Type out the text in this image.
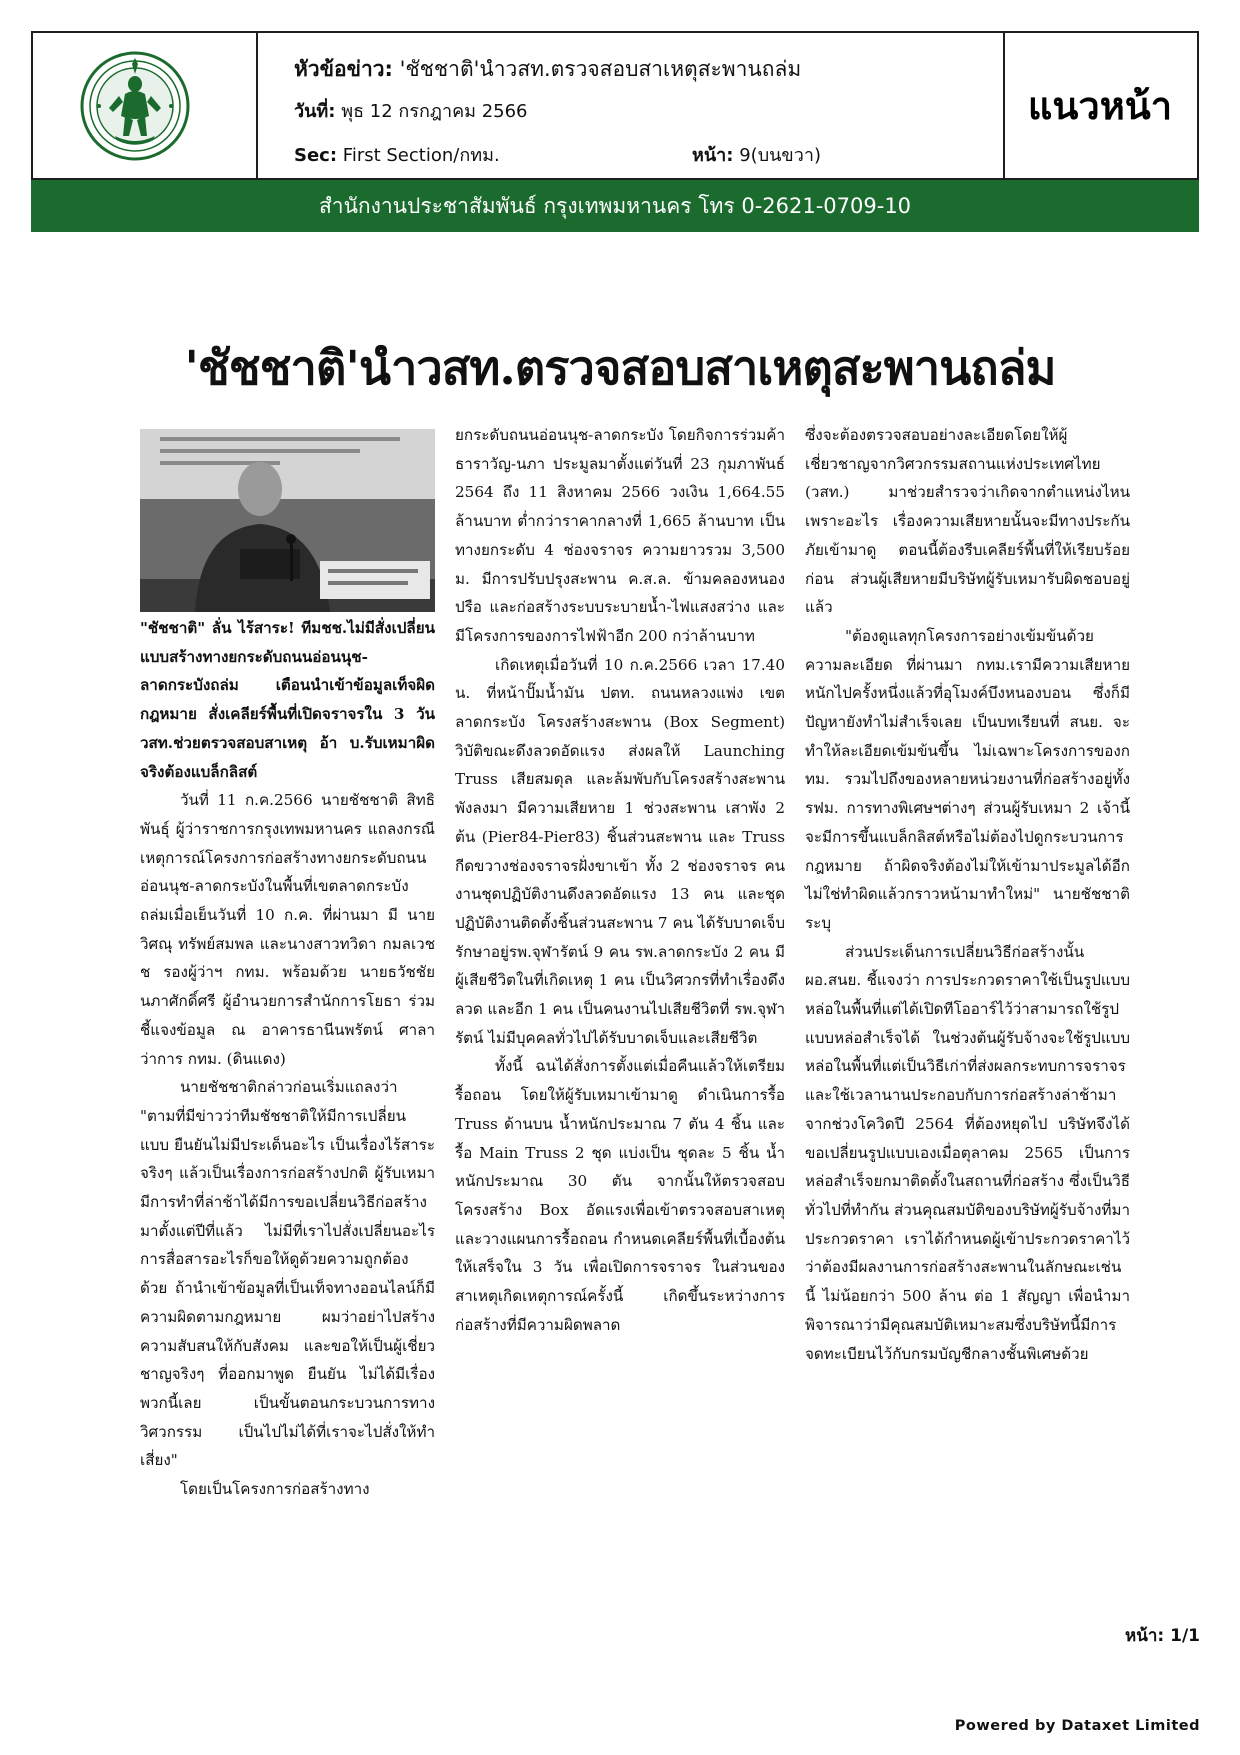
หัวข้อข่าว: 'ชัชชาติ'นำวสท.ตรวจสอบสาเหตุสะพานถล่ม
วันที่: พุธ 12 กรกฎาคม 2566
Sec: First Section/กทม.	หน้า: 9(บนขวา)
แนวหน้า
สำนักงานประชาสัมพันธ์ กรุงเทพมหานคร โทร 0-2621-0709-10
'ชัชชาติ'นำวสท.ตรวจสอบสาเหตุสะพานถล่ม

"ชัชชาติ" ลั่น ไร้สาระ! ทีมชช.ไม่มีสั่งเปลี่ยนแบบสร้างทางยกระดับถนนอ่อนนุช-ลาดกระบังถล่ม เตือนนำเข้าข้อมูลเท็จผิดกฎหมาย สั่งเคลียร์พื้นที่เปิดจราจรใน 3 วัน วสท.ช่วยตรวจสอบสาเหตุ อ้า บ.รับเหมาผิดจริงต้องแบล็กลิสต์

วันที่ 11 ก.ค.2566 นายชัชชาติ สิทธิพันธุ์ ผู้ว่าราชการกรุงเทพมหานคร แถลงกรณีเหตุการณ์โครงการก่อสร้างทางยกระดับถนนอ่อนนุช-ลาดกระบังในพื้นที่เขตลาดกระบังถล่มเมื่อเย็นวันที่ 10 ก.ค. ที่ผ่านมา มี นายวิศณุ ทรัพย์สมพล และนางสาวทวิดา กมลเวชช รองผู้ว่าฯ กทม. พร้อมด้วย นายธวัชชัย นภาศักดิ์ศรี ผู้อำนวยการสำนักการโยธา ร่วมชี้แจงข้อมูล ณ อาคารธานีนพรัตน์ ศาลาว่าการ กทม. (ดินแดง)

นายชัชชาติกล่าวก่อนเริ่มแถลงว่า "ตามที่มีข่าวว่าทีมชัชชาติให้มีการเปลี่ยนแบบ ยืนยันไม่มีประเด็นอะไร เป็นเรื่องไร้สาระ จริงๆ แล้วเป็นเรื่องการก่อสร้างปกติ ผู้รับเหมามีการทำที่ล่าช้าได้มีการขอเปลี่ยนวิธีก่อสร้างมาตั้งแต่ปีที่แล้ว ไม่มีที่เราไปสั่งเปลี่ยนอะไร การสื่อสารอะไรก็ขอให้ดูด้วยความถูกต้องด้วย ถ้านำเข้าข้อมูลที่เป็นเท็จทางออนไลน์ก็มีความผิดตามกฎหมาย ผมว่าอย่าไปสร้างความสับสนให้กับสังคม และขอให้เป็นผู้เชี่ยวชาญจริงๆ ที่ออกมาพูด ยืนยัน ไม่ได้มีเรื่องพวกนี้เลย เป็นขั้นตอนกระบวนการทางวิศวกรรม เป็นไปไม่ได้ที่เราจะไปสั่งให้ทำเสี่ยง"

โดยเป็นโครงการก่อสร้างทาง

ยกระดับถนนอ่อนนุช-ลาดกระบัง โดยกิจการร่วมค้า ธาราวัญ-นภา ประมูลมาตั้งแต่วันที่ 23 กุมภาพันธ์ 2564 ถึง 11 สิงหาคม 2566 วงเงิน 1,664.55 ล้านบาท ต่ำกว่าราคากลางที่ 1,665 ล้านบาท เป็นทางยกระดับ 4 ช่องจราจร ความยาวรวม 3,500 ม. มีการปรับปรุงสะพาน ค.ส.ล. ข้ามคลองหนองปรือ และก่อสร้างระบบระบายน้ำ-ไฟแสงสว่าง และมีโครงการของการไฟฟ้าอีก 200 กว่าล้านบาท

เกิดเหตุเมื่อวันที่ 10 ก.ค.2566 เวลา 17.40 น. ที่หน้าปั๊มน้ำมัน ปตท. ถนนหลวงแพ่ง เขตลาดกระบัง โครงสร้างสะพาน (Box Segment) วิบัติขณะดึงลวดอัดแรง ส่งผลให้ Launching Truss เสียสมดุล และล้มพับกับโครงสร้างสะพานพังลงมา มีความเสียหาย 1 ช่วงสะพาน เสาพัง 2 ต้น (Pier84-Pier83) ชิ้นส่วนสะพาน และ Truss กีดขวางช่องจราจรฝั่งขาเข้า ทั้ง 2 ช่องจราจร คนงานชุดปฏิบัติงานดึงลวดอัดแรง 13 คน และชุดปฏิบัติงานติดตั้งชิ้นส่วนสะพาน 7 คน ได้รับบาดเจ็บ รักษาอยู่รพ.จุฬารัตน์ 9 คน รพ.ลาดกระบัง 2 คน มีผู้เสียชีวิตในที่เกิดเหตุ 1 คน เป็นวิศวกรที่ทำเรื่องดึงลวด และอีก 1 คน เป็นคนงานไปเสียชีวิตที่ รพ.จุฬารัตน์ ไม่มีบุคคลทั่วไปได้รับบาดเจ็บและเสียชีวิต

ทั้งนี้ ฉนได้สั่งการตั้งแต่เมื่อคืนแล้วให้เตรียมรื้อถอน โดยให้ผู้รับเหมาเข้ามาดู ดำเนินการรื้อ Truss ด้านบน น้ำหนักประมาณ 7 ตัน 4 ชิ้น และรื้อ Main Truss 2 ชุด แบ่งเป็น ชุดละ 5 ชิ้น น้ำหนักประมาณ 30 ตัน จากนั้นให้ตรวจสอบโครงสร้าง Box อัดแรงเพื่อเข้าตรวจสอบสาเหตุและวางแผนการรื้อถอน กำหนดเคลียร์พื้นที่เบื้องต้นให้เสร็จใน 3 วัน เพื่อเปิดการจราจร ในส่วนของสาเหตุเกิดเหตุการณ์ครั้งนี้ เกิดขึ้นระหว่างการก่อสร้างที่มีความผิดพลาด

ซึ่งจะต้องตรวจสอบอย่างละเอียดโดยให้ผู้เชี่ยวชาญจากวิศวกรรมสถานแห่งประเทศไทย (วสท.) มาช่วยสำรวจว่าเกิดจากตำแหน่งไหนเพราะอะไร เรื่องความเสียหายนั้นจะมีทางประกันภัยเข้ามาดู ตอนนี้ต้องรีบเคลียร์พื้นที่ให้เรียบร้อยก่อน ส่วนผู้เสียหายมีบริษัทผู้รับเหมารับผิดชอบอยู่แล้ว

"ต้องดูแลทุกโครงการอย่างเข้มข้นด้วยความละเอียด ที่ผ่านมา กทม.เรามีความเสียหายหนักไปครั้งหนึ่งแล้วที่อุโมงค์บึงหนองบอน ซึ่งก็มีปัญหายังทำไม่สำเร็จเลย เป็นบทเรียนที่ สนย. จะทำให้ละเอียดเข้มข้นขึ้น ไม่เฉพาะโครงการของกทม. รวมไปถึงของหลายหน่วยงานที่ก่อสร้างอยู่ทั้ง รฟม. การทางพิเศษฯต่างๆ ส่วนผู้รับเหมา 2 เจ้านี้จะมีการขึ้นแบล็กลิสต์หรือไม่ต้องไปดูกระบวนการกฎหมาย ถ้าผิดจริงต้องไม่ให้เข้ามาประมูลได้อีก ไม่ใช่ทำผิดแล้วกราวหน้ามาทำใหม่" นายชัชชาติ ระบุ

ส่วนประเด็นการเปลี่ยนวิธีก่อสร้างนั้น ผอ.สนย. ชี้แจงว่า การประกวดราคาใช้เป็นรูปแบบหล่อในพื้นที่แต่ได้เปิดทีโออาร์ไว้ว่าสามารถใช้รูปแบบหล่อสำเร็จได้ ในช่วงต้นผู้รับจ้างจะใช้รูปแบบหล่อในพื้นที่แต่เป็นวิธีเก่าที่ส่งผลกระทบการจราจรและใช้เวลานานประกอบกับการก่อสร้างล่าช้ามาจากช่วงโควิดปี 2564 ที่ต้องหยุดไป บริษัทจึงได้ขอเปลี่ยนรูปแบบเองเมื่อตุลาคม 2565 เป็นการหล่อสำเร็จยกมาติดตั้งในสถานที่ก่อสร้าง ซึ่งเป็นวิธีทั่วไปที่ทำกัน ส่วนคุณสมบัติของบริษัทผู้รับจ้างที่มาประกวดราคา เราได้กำหนดผู้เข้าประกวดราคาไว้ว่าต้องมีผลงานการก่อสร้างสะพานในลักษณะเช่นนี้ ไม่น้อยกว่า 500 ล้าน ต่อ 1 สัญญา เพื่อนำมาพิจารณาว่ามีคุณสมบัติเหมาะสมซึ่งบริษัทนี้มีการจดทะเบียนไว้กับกรมบัญชีกลางชั้นพิเศษด้วย

หน้า: 1/1
Powered by Dataxet Limited
